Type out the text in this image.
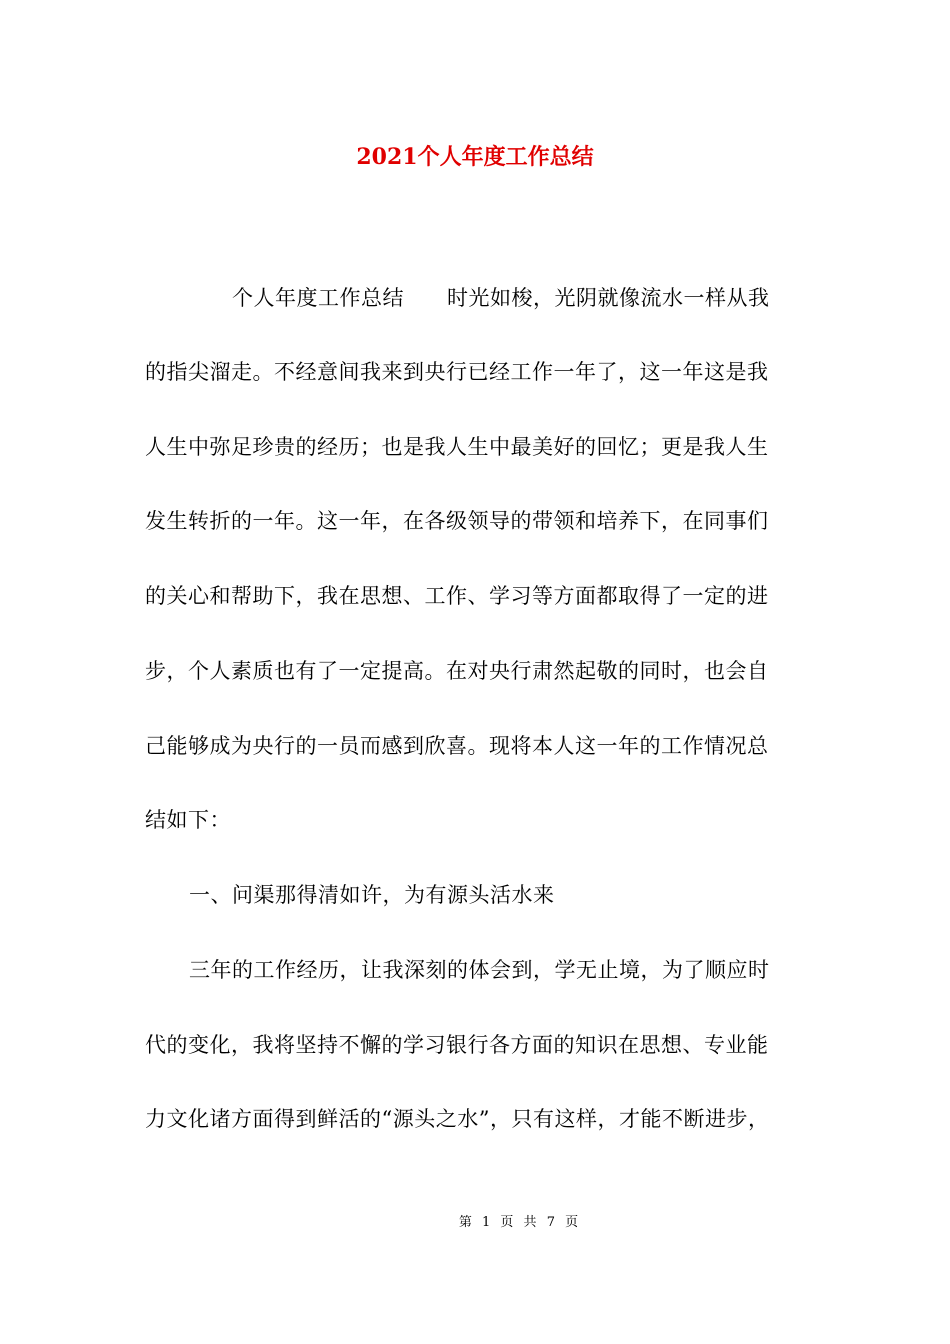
2021个人年度工作总结
个人年度工作总结　　时光如梭，光阴就像流水一样从我
的指尖溜走。不经意间我来到央行已经工作一年了，这一年这是我
人生中弥足珍贵的经历；也是我人生中最美好的回忆；更是我人生
发生转折的一年。这一年，在各级领导的带领和培养下，在同事们
的关心和帮助下，我在思想、工作、学习等方面都取得了一定的进
步，个人素质也有了一定提高。在对央行肃然起敬的同时，也会自
己能够成为央行的一员而感到欣喜。现将本人这一年的工作情况总
结如下：
一、问渠那得清如许，为有源头活水来
三年的工作经历，让我深刻的体会到，学无止境，为了顺应时
代的变化，我将坚持不懈的学习银行各方面的知识在思想、专业能
力文化诸方面得到鲜活的“源头之水”，只有这样，才能不断进步，
第 1 页 共 7 页
